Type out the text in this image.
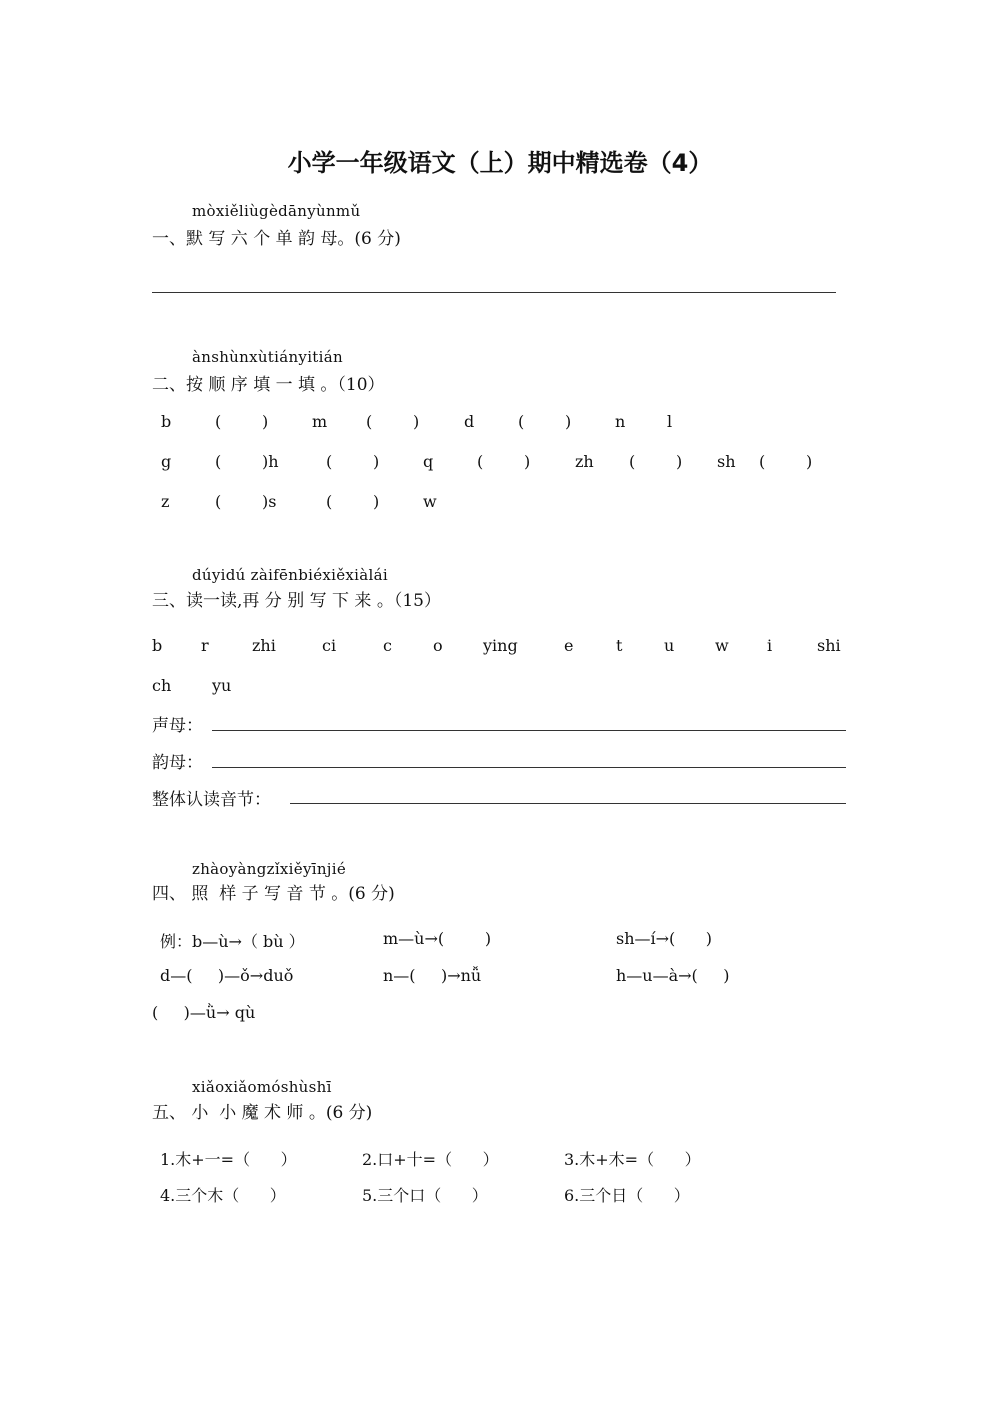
小学一年级语文（上）期中精选卷（4）
mòxiěliùgèdānyùnmǔ
一、默 写 六 个 单 韵 母。(6 分)
ànshùnxùtiányitián
二、按 顺 序 填 一 填 。（10）
b	(	)	m (	)	d	(	)	n	l
g	(	)h	(	)	q	(	)	zh (	) sh (	)
z	(	)s	(	)	w
dúyidú zàifēnbiéxiěxiàlái
三、读一读,再 分 别 写 下 来 。（15）
b r	zhi	ci	c	o	ying	e	t	u	w i	shi
ch	yu
声母：
韵母：
整体认读音节：
zhàoyàngzǐxiěyīnjié
四、 照  样 子 写 音 节 。(6 分)
例：b—ù→（ bù ）	m—ù→(        )	sh—í→(      )
d—(     )—ǒ→duǒ	n—(     )→nǚ	h—u—à→(     )
(     )—ǜ→ qù
xiǎoxiǎomóshùshī
五、 小  小 魔 术 师 。(6 分)
1.木+一=（      ）	2.口+十=（      ）	3.木+木=（      ）
4.三个木（      ）	5.三个口（      ）	6.三个日（      ）
